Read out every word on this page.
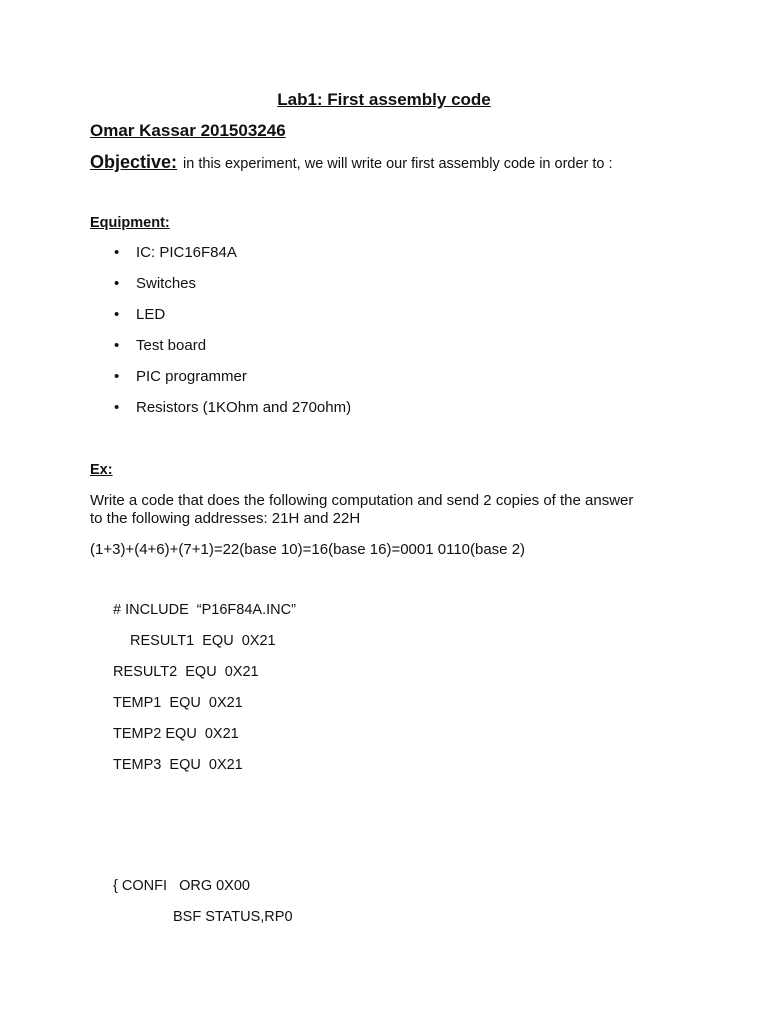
Lab1: First assembly code
Omar Kassar 201503246
Objective: in this experiment, we will write our first assembly code in order to :
Equipment:
• IC: PIC16F84A
• Switches
• LED
• Test board
• PIC programmer
• Resistors (1KOhm and 270ohm)
Ex:
Write a code that does the following computation and send 2 copies of the answer to the following addresses: 21H and 22H
(1+3)+(4+6)+(7+1)=22(base 10)=16(base 16)=0001 0110(base 2)
# INCLUDE  “P16F84A.INC”
RESULT1  EQU  0X21
RESULT2  EQU  0X21
TEMP1  EQU  0X21
TEMP2 EQU  0X21
TEMP3  EQU  0X21
{ CONFI   ORG 0X00
BSF STATUS,RP0
